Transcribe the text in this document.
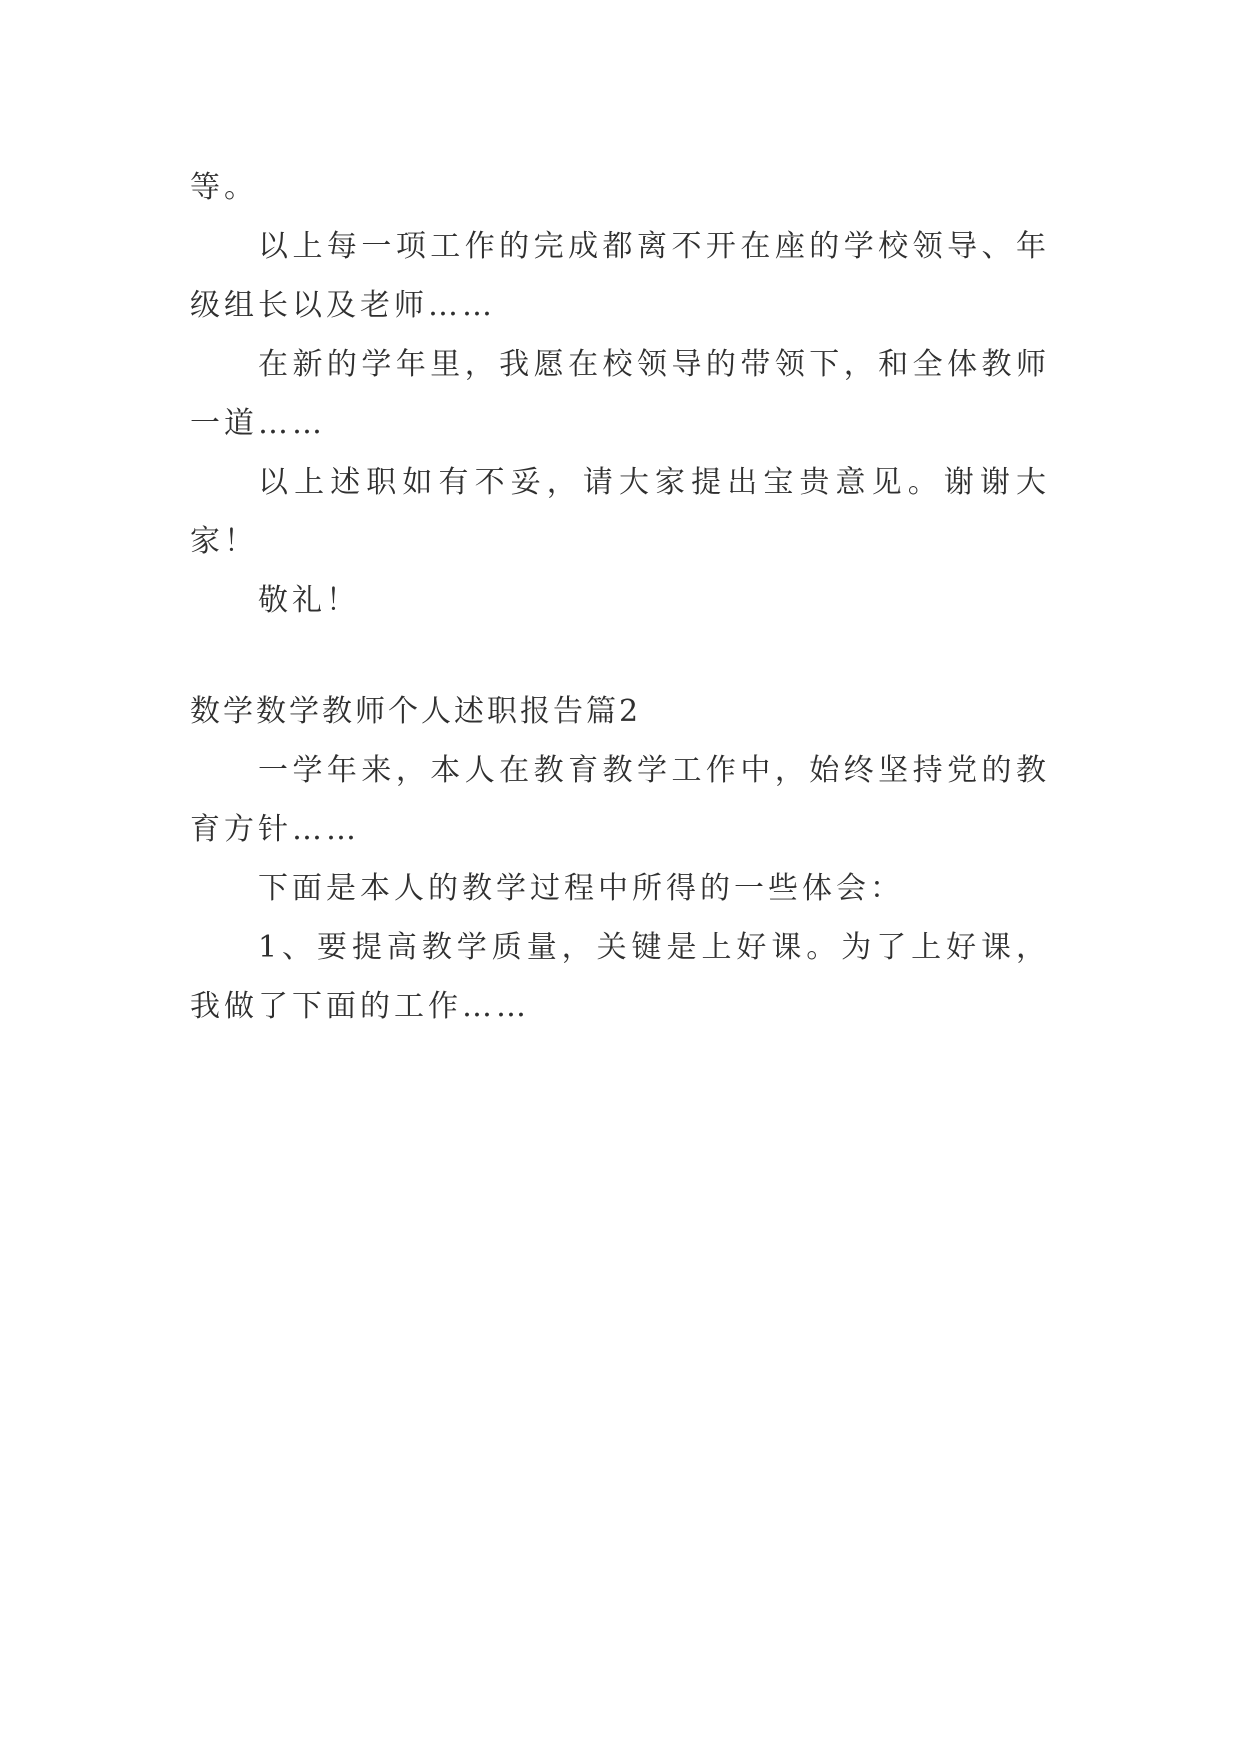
等。

以上每一项工作的完成都离不开在座的学校领导、年级组长以及老师……

在新的学年里，我愿在校领导的带领下，和全体教师一道……

以上述职如有不妥，请大家提出宝贵意见。谢谢大家！

敬礼！

数学数学教师个人述职报告篇2

一学年来，本人在教育教学工作中，始终坚持党的教育方针……

下面是本人的教学过程中所得的一些体会：

1、要提高教学质量，关键是上好课。为了上好课，我做了下面的工作……
